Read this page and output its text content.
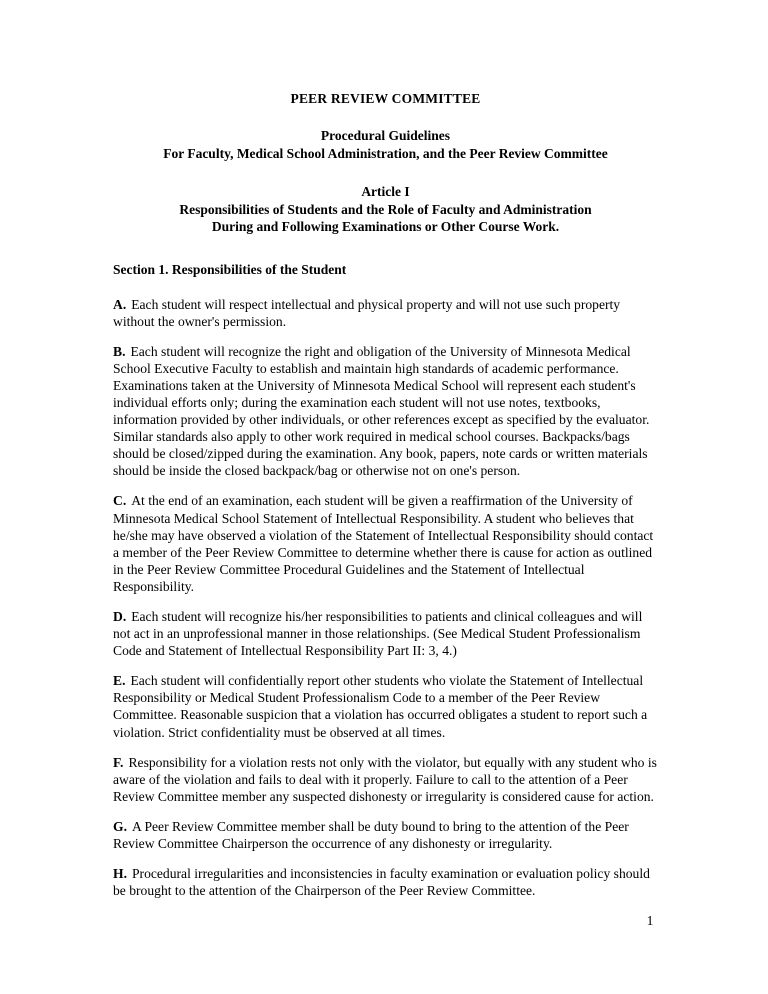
PEER REVIEW COMMITTEE

Procedural Guidelines

For Faculty, Medical School Administration, and the Peer Review Committee

Article I

Responsibilities of Students and the Role of Faculty and Administration

During and Following Examinations or Other Course Work.

Section 1. Responsibilities of the Student

A. Each student will respect intellectual and physical property and will not use such property without the owner's permission.

B. Each student will recognize the right and obligation of the University of Minnesota Medical School Executive Faculty to establish and maintain high standards of academic performance. Examinations taken at the University of Minnesota Medical School will represent each student's individual efforts only; during the examination each student will not use notes, textbooks, information provided by other individuals, or other references except as specified by the evaluator. Similar standards also apply to other work required in medical school courses. Backpacks/bags should be closed/zipped during the examination. Any book, papers, note cards or written materials should be inside the closed backpack/bag or otherwise not on one's person.

C. At the end of an examination, each student will be given a reaffirmation of the University of Minnesota Medical School Statement of Intellectual Responsibility. A student who believes that he/she may have observed a violation of the Statement of Intellectual Responsibility should contact a member of the Peer Review Committee to determine whether there is cause for action as outlined in the Peer Review Committee Procedural Guidelines and the Statement of Intellectual Responsibility.

D. Each student will recognize his/her responsibilities to patients and clinical colleagues and will not act in an unprofessional manner in those relationships. (See Medical Student Professionalism Code and Statement of Intellectual Responsibility Part II: 3, 4.)

E. Each student will confidentially report other students who violate the Statement of Intellectual Responsibility or Medical Student Professionalism Code to a member of the Peer Review Committee. Reasonable suspicion that a violation has occurred obligates a student to report such a violation. Strict confidentiality must be observed at all times.

F. Responsibility for a violation rests not only with the violator, but equally with any student who is aware of the violation and fails to deal with it properly. Failure to call to the attention of a Peer Review Committee member any suspected dishonesty or irregularity is considered cause for action.

G. A Peer Review Committee member shall be duty bound to bring to the attention of the Peer Review Committee Chairperson the occurrence of any dishonesty or irregularity.

H. Procedural irregularities and inconsistencies in faculty examination or evaluation policy should be brought to the attention of the Chairperson of the Peer Review Committee.

1
